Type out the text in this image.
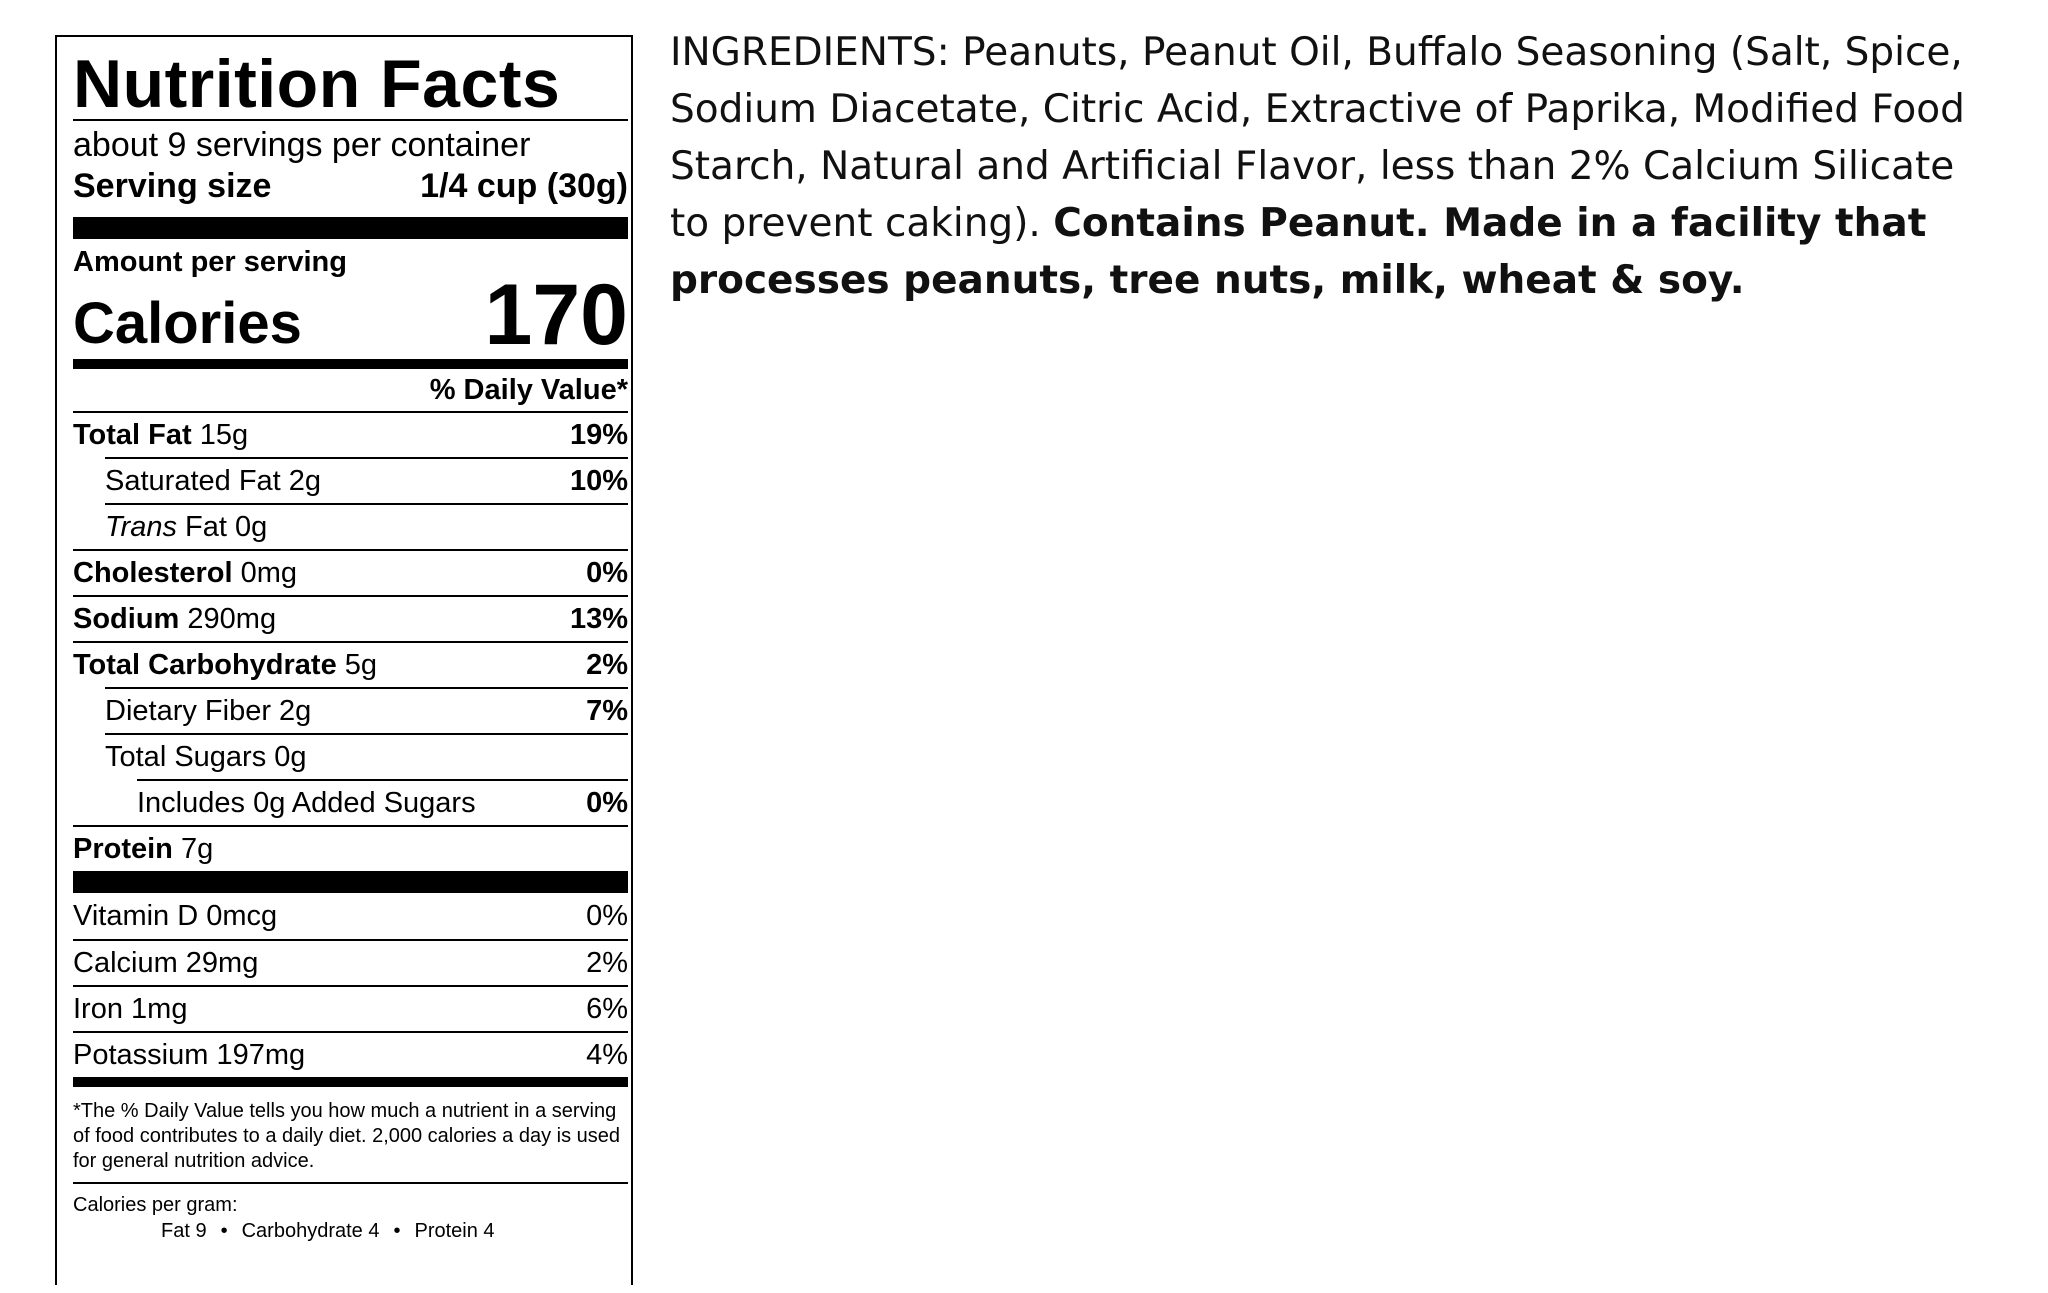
Nutrition Facts
about 9 servings per container
Serving size	1/4 cup (30g)
Amount per serving
Calories 170
% Daily Value*
Total Fat 15g	19%
Saturated Fat 2g	10%
Trans Fat 0g
Cholesterol 0mg	0%
Sodium 290mg	13%
Total Carbohydrate 5g	2%
Dietary Fiber 2g	7%
Total Sugars 0g
Includes 0g Added Sugars	0%
Protein 7g
Vitamin D 0mcg	0%
Calcium 29mg	2%
Iron 1mg	6%
Potassium 197mg	4%
*The % Daily Value tells you how much a nutrient in a serving of food contributes to a daily diet. 2,000 calories a day is used for general nutrition advice.
Calories per gram:
Fat 9 • Carbohydrate 4 • Protein 4
INGREDIENTS: Peanuts, Peanut Oil, Buffalo Seasoning (Salt, Spice, Sodium Diacetate, Citric Acid, Extractive of Paprika, Modified Food Starch, Natural and Artificial Flavor, less than 2% Calcium Silicate to prevent caking). Contains Peanut. Made in a facility that processes peanuts, tree nuts, milk, wheat & soy.
